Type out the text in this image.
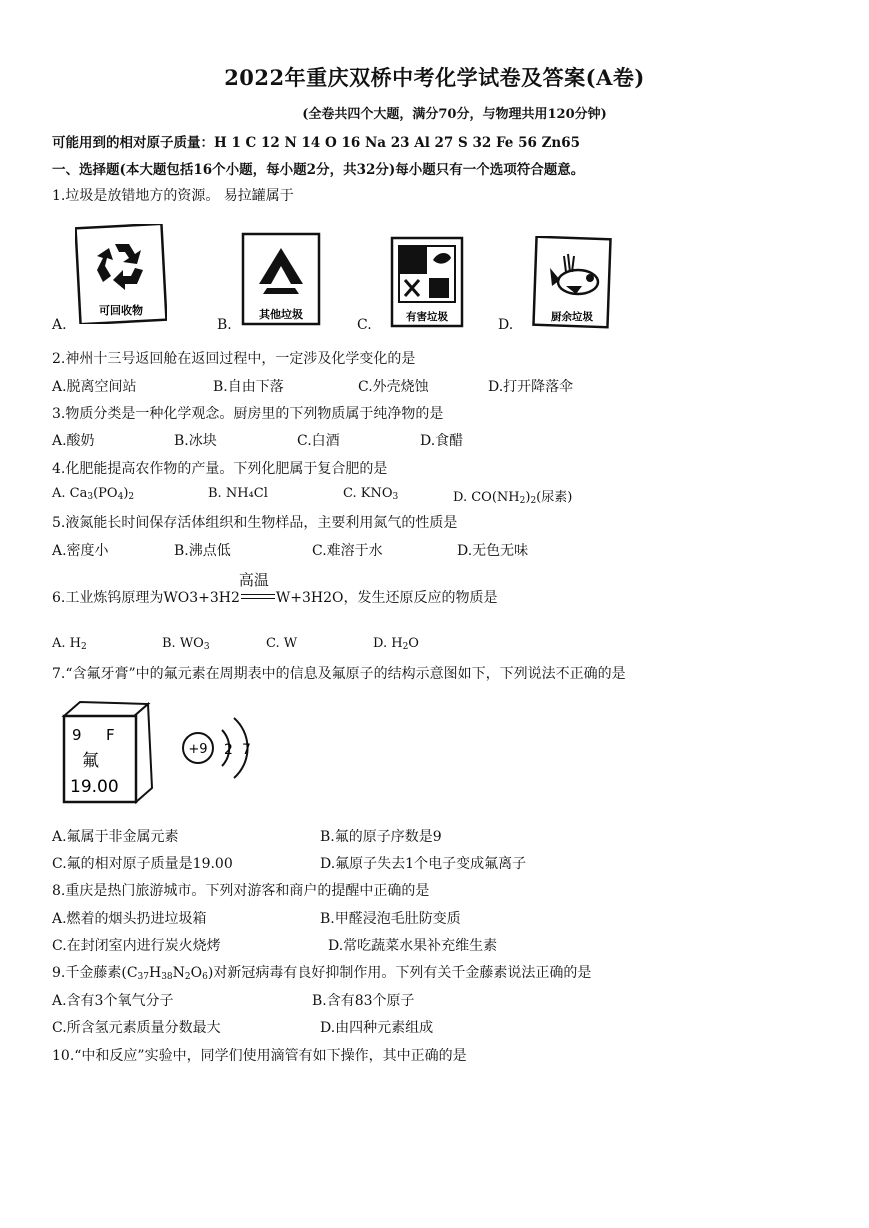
2022年重庆双桥中考化学试卷及答案(A卷)
(全卷共四个大题，满分70分，与物理共用120分钟)
可能用到的相对原子质量：H 1 C 12 N 14 O 16 Na 23 Al 27 S 32 Fe 56 Zn65
一、选择题(本大题包括16个小题，每小题2分，共32分)每小题只有一个选项符合题意。
1.垃圾是放错地方的资源。 易拉罐属于
A.
可回收物
B.
其他垃圾
C.	有害垃圾	D.	厨余垃圾
2.神州十三号返回舱在返回过程中，一定涉及化学变化的是
A.脱离空间站	B.自由下落	C.外壳烧蚀	D.打开降落伞
3.物质分类是一种化学观念。厨房里的下列物质属于纯净物的是
A.酸奶	B.冰块	C.白酒	D.食醋
4.化肥能提高农作物的产量。下列化肥属于复合肥的是
A. $Ca_3(PO_4)_2$	B. NH₄Cl	C. $KNO_3$	D. $CO(NH_2)_2$(尿素)
5.液氮能长时间保存活体组织和生物样品，主要利用氮气的性质是
A.密度小	B.沸点低	C.难溶于水	D.无色无味
6.工业炼钨原理为WO3+3H2
高温
W+3H2O，发生还原反应的物质是
A. $H_2$	B. $WO_3$	C. W	D. $H_2O$
7.“含氟牙膏”中的氟元素在周期表中的信息及氟原子的结构示意图如下，下列说法不正确的是
9 F
氟
19.00
+9 2 7
A.氟属于非金属元素	B.氟的原子序数是9
C.氟的相对原子质量是19.00	D.氟原子失去1个电子变成氟离子
8.重庆是热门旅游城市。下列对游客和商户的提醒中正确的是
A.燃着的烟头扔进垃圾箱	B.甲醛浸泡毛肚防变质
C.在封闭室内进行炭火烧烤	D.常吃蔬菜水果补充维生素
9.千金藤素$(C_{37}H_{38}N_2O_6)$对新冠病毒有良好抑制作用。下列有关千金藤素说法正确的是
A.含有3个氧气分子	B.含有83个原子
C.所含氢元素质量分数最大	D.由四种元素组成
10.“中和反应”实验中，同学们使用滴管有如下操作，其中正确的是
